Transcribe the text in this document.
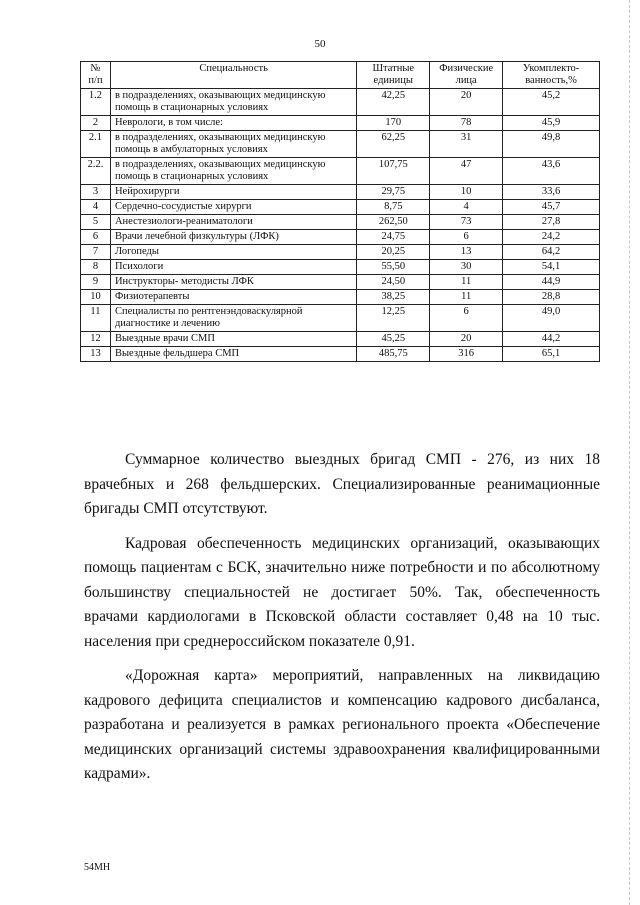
50
№ п/п	Специальность	Штатные единицы	Физические лица	Укомплекто-ванность,%
1.2	в подразделениях, оказывающих медицинскую помощь в стационарных условиях	42,25	20	45,2
2	Неврологи, в том числе:	170	78	45,9
2.1	в подразделениях, оказывающих медицинскую помощь в амбулаторных условиях	62,25	31	49,8
2.2.	в подразделениях, оказывающих медицинскую помощь в стационарных условиях	107,75	47	43,6
3	Нейрохирурги	29,75	10	33,6
4	Сердечно-сосудистые хирурги	8,75	4	45,7
5	Анестезиологи-реаниматологи	262,50	73	27,8
6	Врачи лечебной физкультуры (ЛФК)	24,75	6	24,2
7	Логопеды	20,25	13	64,2
8	Психологи	55,50	30	54,1
9	Инструкторы- методисты ЛФК	24,50	11	44,9
10	Физиотерапевты	38,25	11	28,8
11	Специалисты по рентгенэндоваскулярной диагностике и лечению	12,25	6	49,0
12	Выездные врачи СМП	45,25	20	44,2
13	Выездные фельдшера СМП	485,75	316	65,1

Суммарное количество выездных бригад СМП - 276, из них 18 врачебных и 268 фельдшерских. Специализированные реанимационные бригады СМП отсутствуют.

Кадровая обеспеченность медицинских организаций, оказывающих помощь пациентам с БСК, значительно ниже потребности и по абсолютному большинству специальностей не достигает 50%. Так, обеспеченность врачами кардиологами в Псковской области составляет 0,48 на 10 тыс. населения при среднероссийском показателе 0,91.

«Дорожная карта» мероприятий, направленных на ликвидацию кадрового дефицита специалистов и компенсацию кадрового дисбаланса, разработана и реализуется в рамках регионального проекта «Обеспечение медицинских организаций системы здравоохранения квалифицированными кадрами».

54МН
